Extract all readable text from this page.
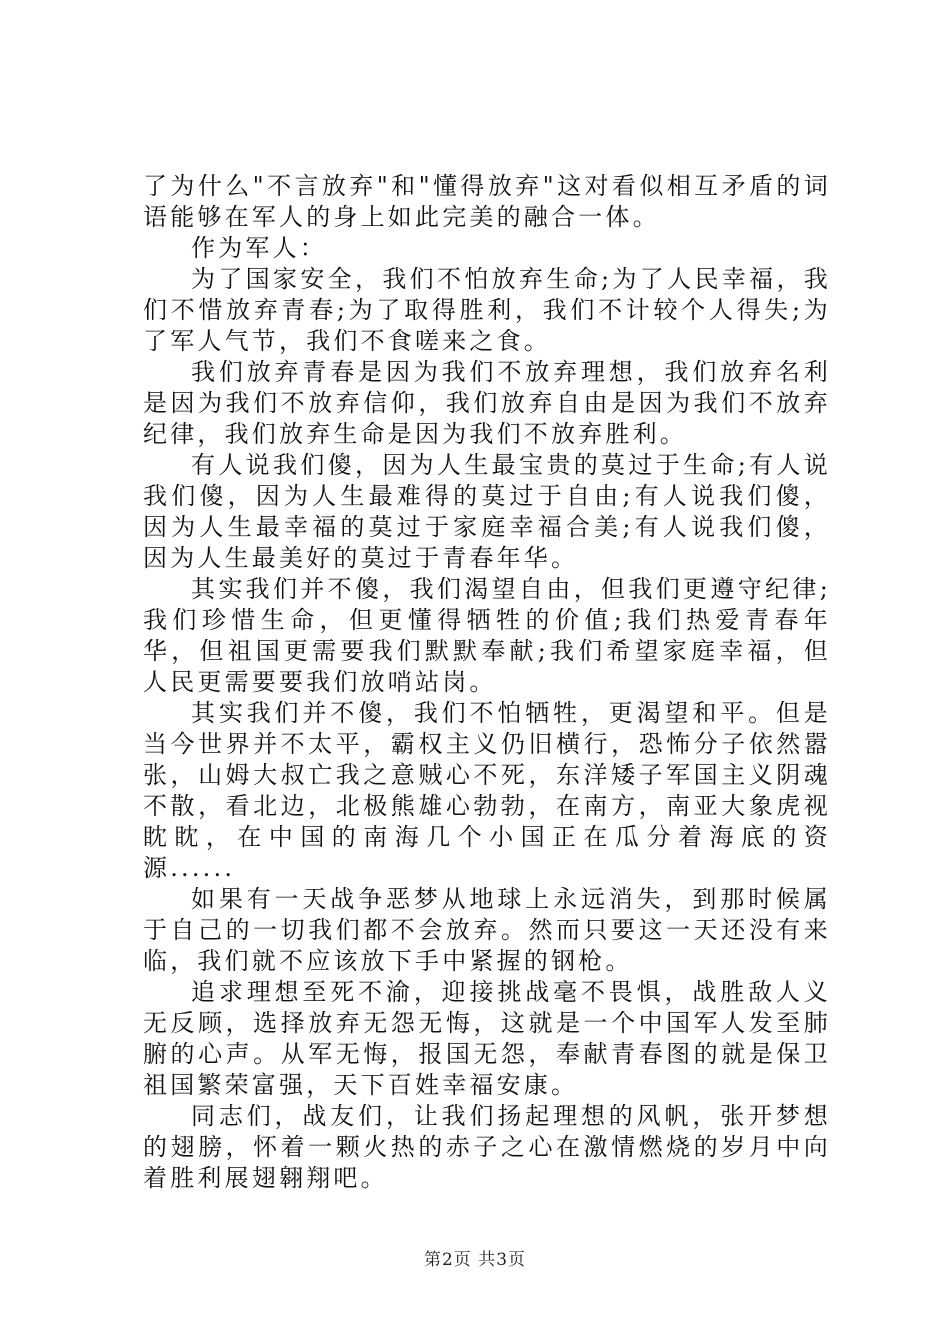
了为什么"不言放弃"和"懂得放弃"这对看似相互矛盾的词语能够在军人的身上如此完美的融合一体。

作为军人：

为了国家安全，我们不怕放弃生命;为了人民幸福，我们不惜放弃青春;为了取得胜利，我们不计较个人得失;为了军人气节，我们不食嗟来之食。

我们放弃青春是因为我们不放弃理想，我们放弃名利是因为我们不放弃信仰，我们放弃自由是因为我们不放弃纪律，我们放弃生命是因为我们不放弃胜利。

有人说我们傻，因为人生最宝贵的莫过于生命;有人说我们傻，因为人生最难得的莫过于自由;有人说我们傻，因为人生最幸福的莫过于家庭幸福合美;有人说我们傻，因为人生最美好的莫过于青春年华。

其实我们并不傻，我们渴望自由，但我们更遵守纪律;我们珍惜生命，但更懂得牺牲的价值;我们热爱青春年华，但祖国更需要我们默默奉献;我们希望家庭幸福，但人民更需要要我们放哨站岗。

其实我们并不傻，我们不怕牺牲，更渴望和平。但是当今世界并不太平，霸权主义仍旧横行，恐怖分子依然嚣张，山姆大叔亡我之意贼心不死，东洋矮子军国主义阴魂不散，看北边，北极熊雄心勃勃，在南方，南亚大象虎视眈眈，在中国的南海几个小国正在瓜分着海底的资源......

如果有一天战争恶梦从地球上永远消失，到那时候属于自己的一切我们都不会放弃。然而只要这一天还没有来临，我们就不应该放下手中紧握的钢枪。

追求理想至死不渝，迎接挑战毫不畏惧，战胜敌人义无反顾，选择放弃无怨无悔，这就是一个中国军人发至肺腑的心声。从军无悔，报国无怨，奉献青春图的就是保卫祖国繁荣富强，天下百姓幸福安康。

同志们，战友们，让我们扬起理想的风帆，张开梦想的翅膀，怀着一颗火热的赤子之心在激情燃烧的岁月中向着胜利展翅翱翔吧。

第2页 共3页
